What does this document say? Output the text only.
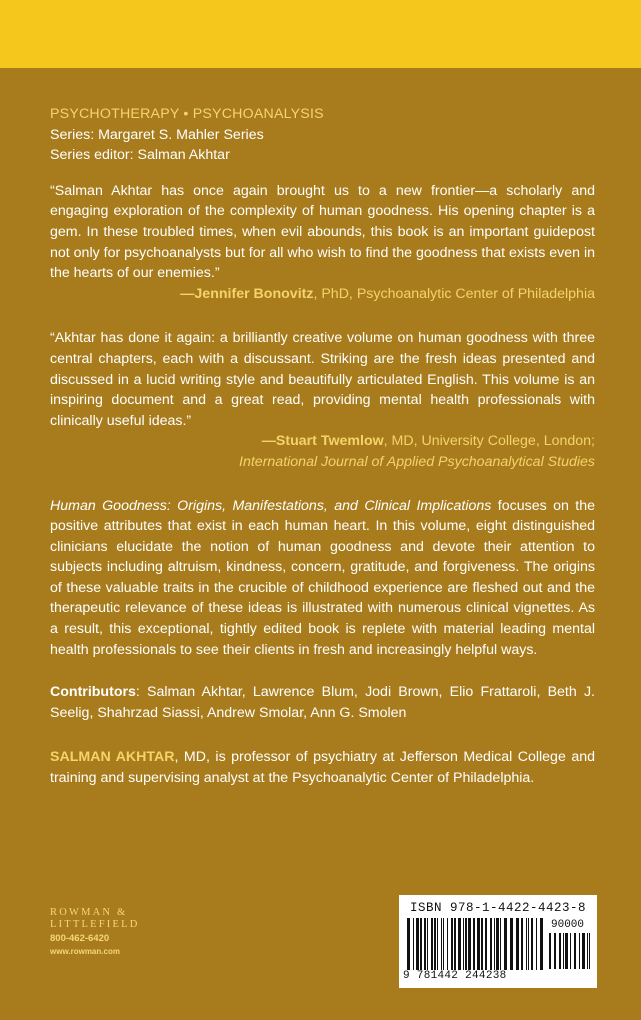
PSYCHOTHERAPY • PSYCHOANALYSIS
Series: Margaret S. Mahler Series
Series editor: Salman Akhtar
“Salman Akhtar has once again brought us to a new frontier—a scholarly and engaging exploration of the complexity of human goodness. His opening chapter is a gem. In these troubled times, when evil abounds, this book is an important guidepost not only for psychoanalysts but for all who wish to find the goodness that exists even in the hearts of our enemies.”
—Jennifer Bonovitz, PhD, Psychoanalytic Center of Philadelphia
“Akhtar has done it again: a brilliantly creative volume on human goodness with three central chapters, each with a discussant. Striking are the fresh ideas presented and discussed in a lucid writing style and beautifully articulated English. This volume is an inspiring document and a great read, providing mental health professionals with clinically useful ideas.”
—Stuart Twemlow, MD, University College, London;
International Journal of Applied Psychoanalytical Studies
Human Goodness: Origins, Manifestations, and Clinical Implications focuses on the positive attributes that exist in each human heart. In this volume, eight distinguished clinicians elucidate the notion of human goodness and devote their attention to subjects including altruism, kindness, concern, gratitude, and forgiveness. The origins of these valuable traits in the crucible of childhood experience are fleshed out and the therapeutic relevance of these ideas is illustrated with numerous clinical vignettes. As a result, this exceptional, tightly edited book is replete with material leading mental health professionals to see their clients in fresh and increasingly helpful ways.
Contributors: Salman Akhtar, Lawrence Blum, Jodi Brown, Elio Frattaroli, Beth J. Seelig, Shahrzad Siassi, Andrew Smolar, Ann G. Smolen
SALMAN AKHTAR, MD, is professor of psychiatry at Jefferson Medical College and training and supervising analyst at the Psychoanalytic Center of Philadelphia.
ROWMAN &
LITTLEFIELD
800-462-6420
www.rowman.com
ISBN 978-1-4422-4423-8
90000
9 781442 244238
